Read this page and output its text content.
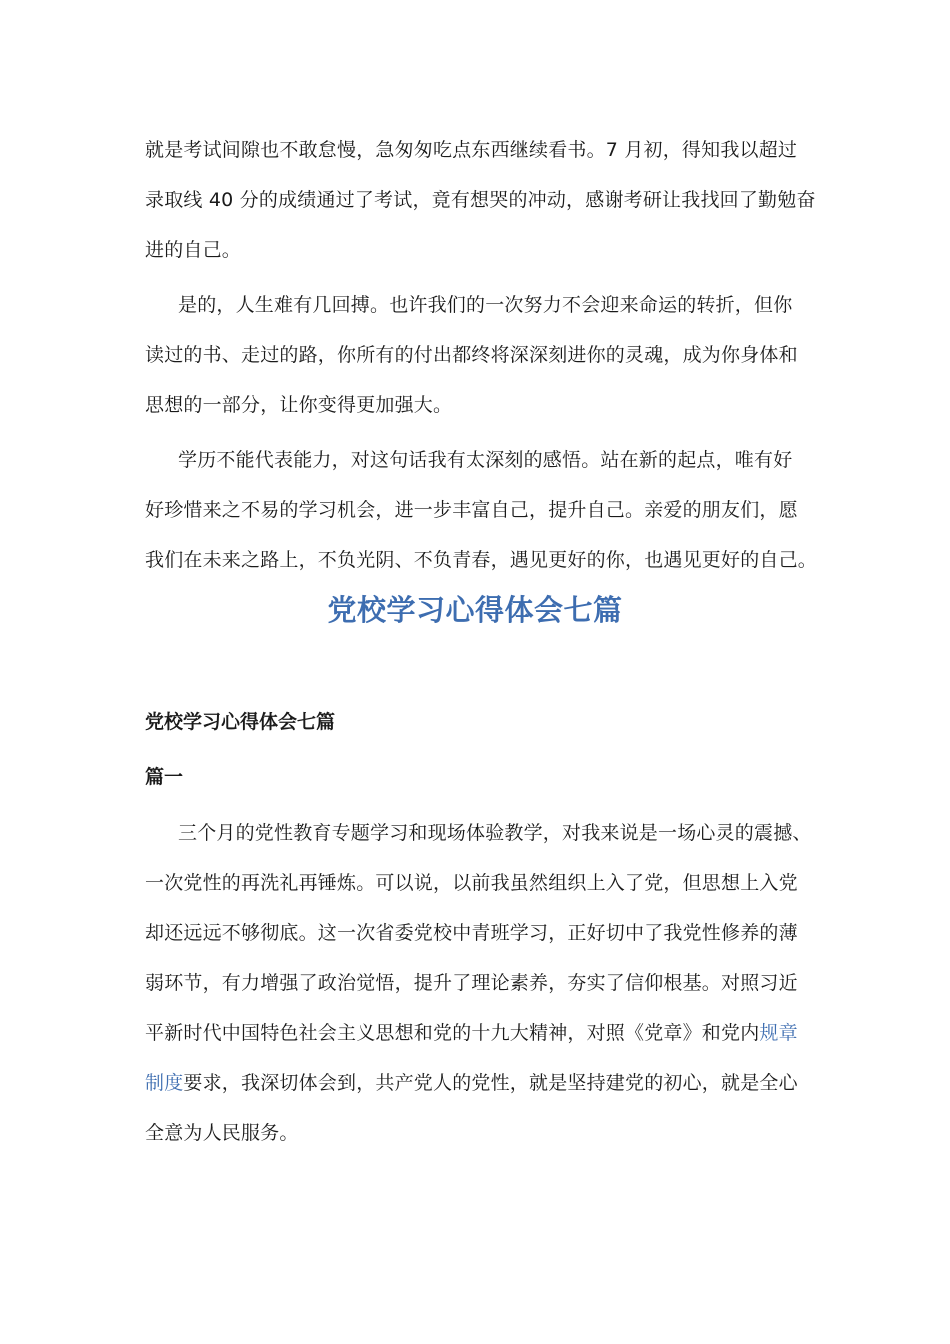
就是考试间隙也不敢怠慢，急匆匆吃点东西继续看书。7 月初，得知我以超过
录取线 40 分的成绩通过了考试，竟有想哭的冲动，感谢考研让我找回了勤勉奋
进的自己。
是的，人生难有几回搏。也许我们的一次努力不会迎来命运的转折，但你
读过的书、走过的路，你所有的付出都终将深深刻进你的灵魂，成为你身体和
思想的一部分，让你变得更加强大。
学历不能代表能力，对这句话我有太深刻的感悟。站在新的起点，唯有好
好珍惜来之不易的学习机会，进一步丰富自己，提升自己。亲爱的朋友们，愿
我们在未来之路上，不负光阴、不负青春，遇见更好的你，也遇见更好的自己。
党校学习心得体会七篇
党校学习心得体会七篇
篇一
三个月的党性教育专题学习和现场体验教学，对我来说是一场心灵的震撼、
一次党性的再洗礼再锤炼。可以说，以前我虽然组织上入了党，但思想上入党
却还远远不够彻底。这一次省委党校中青班学习，正好切中了我党性修养的薄
弱环节，有力增强了政治觉悟，提升了理论素养，夯实了信仰根基。对照习近
平新时代中国特色社会主义思想和党的十九大精神，对照《党章》和党内规章
制度要求，我深切体会到，共产党人的党性，就是坚持建党的初心，就是全心
全意为人民服务。
